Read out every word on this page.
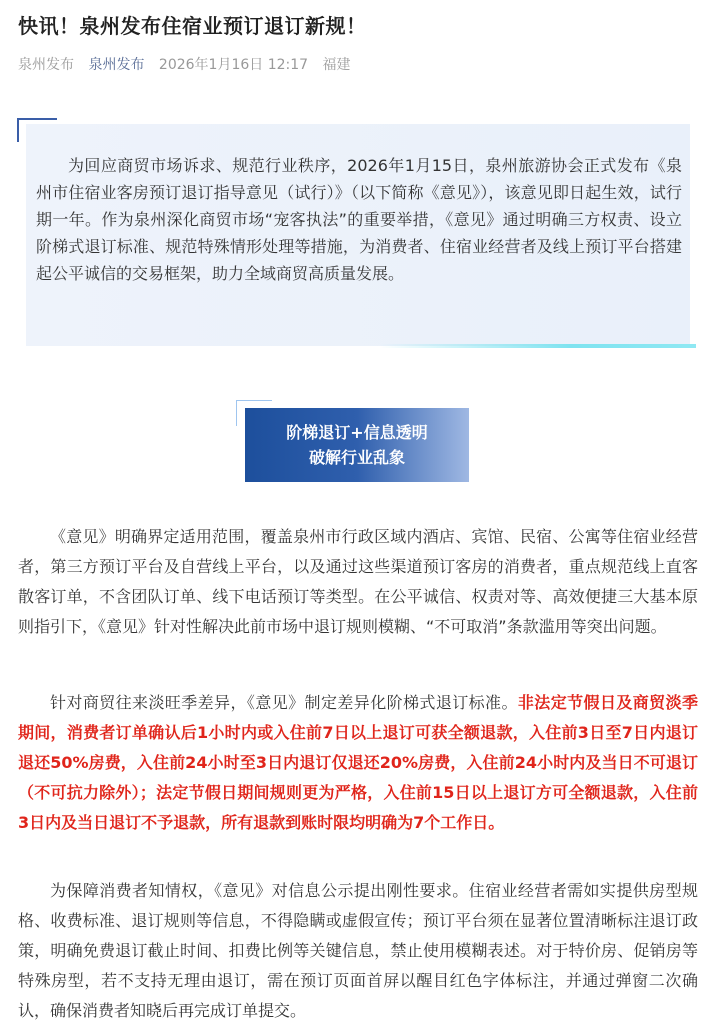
快讯！泉州发布住宿业预订退订新规！
泉州发布 泉州发布 2026年1月16日 12:17 福建
为回应商贸市场诉求、规范行业秩序，2026年1月15日，泉州旅游协会正式发布《泉州市住宿业客房预订退订指导意见（试行）》（以下简称《意见》），该意见即日起生效，试行期一年。作为泉州深化商贸市场“宠客执法”的重要举措，《意见》通过明确三方权责、设立阶梯式退订标准、规范特殊情形处理等措施，为消费者、住宿业经营者及线上预订平台搭建起公平诚信的交易框架，助力全域商贸高质量发展。
阶梯退订+信息透明
破解行业乱象
《意见》明确界定适用范围，覆盖泉州市行政区域内酒店、宾馆、民宿、公寓等住宿业经营者，第三方预订平台及自营线上平台，以及通过这些渠道预订客房的消费者，重点规范线上直客散客订单，不含团队订单、线下电话预订等类型。在公平诚信、权责对等、高效便捷三大基本原则指引下，《意见》针对性解决此前市场中退订规则模糊、“不可取消”条款滥用等突出问题。
针对商贸往来淡旺季差异，《意见》制定差异化阶梯式退订标准。非法定节假日及商贸淡季期间，消费者订单确认后1小时内或入住前7日以上退订可获全额退款，入住前3日至7日内退订退还50%房费，入住前24小时至3日内退订仅退还20%房费，入住前24小时内及当日不可退订（不可抗力除外）；法定节假日期间规则更为严格，入住前15日以上退订方可全额退款，入住前3日内及当日退订不予退款，所有退款到账时限均明确为7个工作日。
为保障消费者知情权，《意见》对信息公示提出刚性要求。住宿业经营者需如实提供房型规格、收费标准、退订规则等信息，不得隐瞒或虚假宣传；预订平台须在显著位置清晰标注退订政策，明确免费退订截止时间、扣费比例等关键信息，禁止使用模糊表述。对于特价房、促销房等特殊房型，若不支持无理由退订，需在预订页面首屏以醒目红色字体标注，并通过弹窗二次确认，确保消费者知晓后再完成订单提交。
